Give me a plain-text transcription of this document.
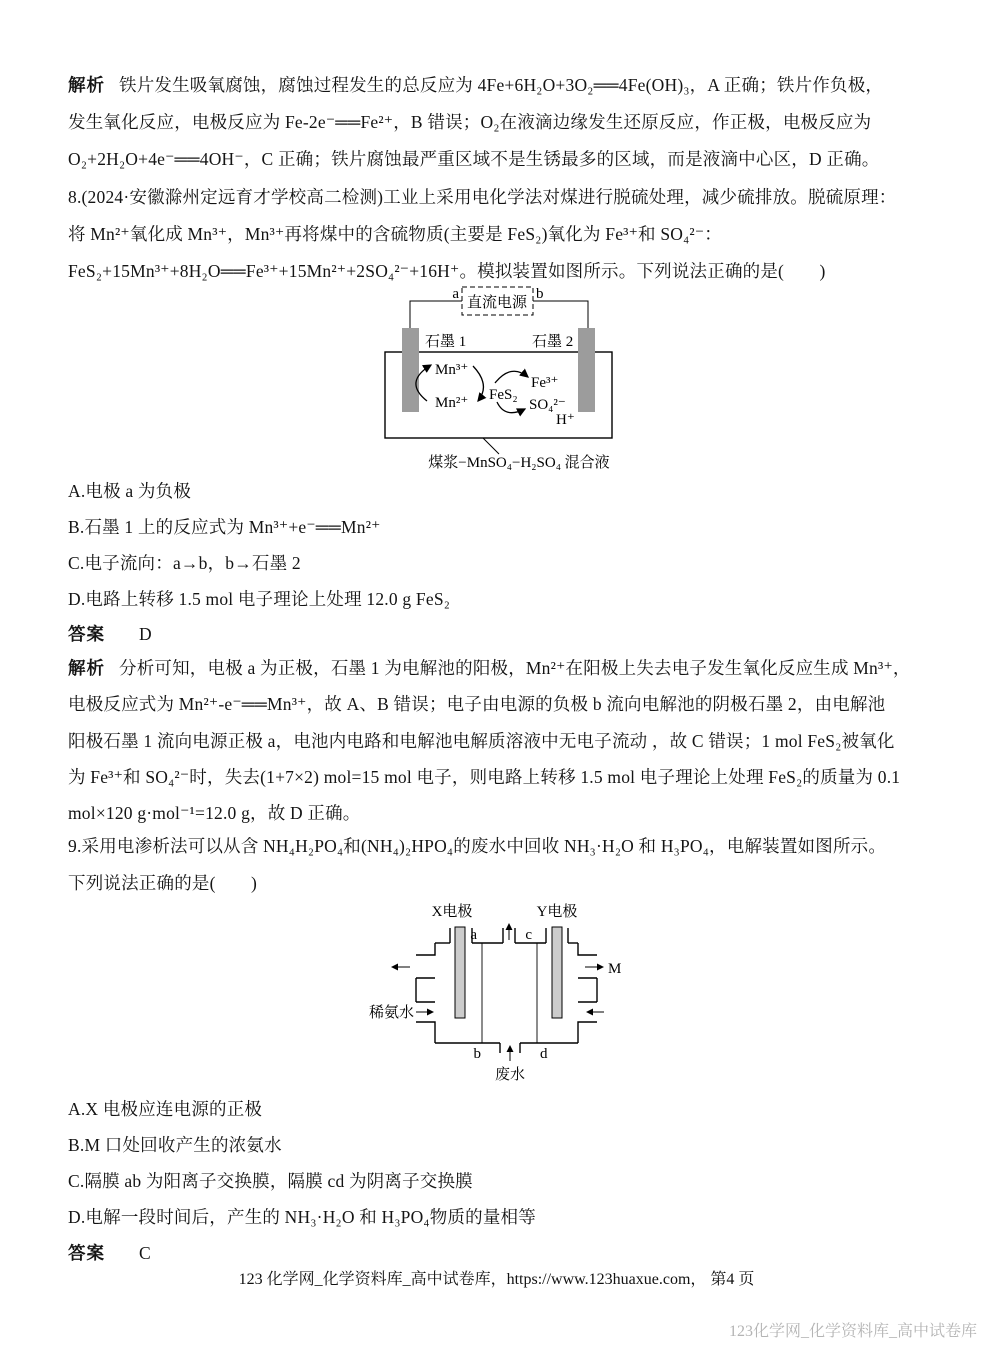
解析 铁片发生吸氧腐蚀，腐蚀过程发生的总反应为 4Fe+6H₂O+3O₂══4Fe(OH)₃，A 正确；铁片作负极，
发生氧化反应，电极反应为 Fe-2e⁻══Fe²⁺，B 错误；O₂在液滴边缘发生还原反应，作正极，电极反应为
O₂+2H₂O+4e⁻══4OH⁻，C 正确；铁片腐蚀最严重区域不是生锈最多的区域，而是液滴中心区，D 正确。
8.(2024·安徽滁州定远育才学校高二检测)工业上采用电化学法对煤进行脱硫处理，减少硫排放。脱硫原理：
将 Mn²⁺氧化成 Mn³⁺，Mn³⁺再将煤中的含硫物质(主要是 FeS₂)氧化为 Fe³⁺和 SO₄²⁻：
FeS₂+15Mn³⁺+8H₂O══Fe³⁺+15Mn²⁺+2SO₄²⁻+16H⁺。模拟装置如图所示。下列说法正确的是(　　)
直流电源
a	b
石墨 1	石墨 2
Mn³⁺
Mn²⁺ FeS₂
Fe³⁺
SO₄²⁻
H⁺
煤浆−MnSO₄−H₂SO₄ 混合液
A.电极 a 为负极
B.石墨 1 上的反应式为 Mn³⁺+e⁻══Mn²⁺
C.电子流向：a→b，b→石墨 2
D.电路上转移 1.5 mol 电子理论上处理 12.0 g FeS₂
答案 D
解析 分析可知，电极 a 为正极，石墨 1 为电解池的阳极，Mn²⁺在阳极上失去电子发生氧化反应生成 Mn³⁺，
电极反应式为 Mn²⁺-e⁻══Mn³⁺，故 A、B 错误；电子由电源的负极 b 流向电解池的阴极石墨 2，由电解池
阳极石墨 1 流向电源正极 a，电池内电路和电解池电解质溶液中无电子流动 ，故 C 错误；1 mol FeS₂被氧化
为 Fe³⁺和 SO₄²⁻时，失去(1+7×2) mol=15 mol 电子，则电路上转移 1.5 mol 电子理论上处理 FeS₂的质量为 0.1
mol×120 g·mol⁻¹=12.0 g，故 D 正确。
9.采用电渗析法可以从含 NH₄H₂PO₄和(NH₄)₂HPO₄的废水中回收 NH₃·H₂O 和 H₃PO₄，电解装置如图所示。
下列说法正确的是(　　)
X电极	Y电极
稀氨水
M
废水
a	c
b	d
A.X 电极应连电源的正极
B.M 口处回收产生的浓氨水
C.隔膜 ab 为阳离子交换膜，隔膜 cd 为阴离子交换膜
D.电解一段时间后，产生的 NH₃·H₂O 和 H₃PO₄物质的量相等
答案 C
123 化学网_化学资料库_高中试卷库，https://www.123huaxue.com， 第4 页
123化学网_化学资料库_高中试卷库
